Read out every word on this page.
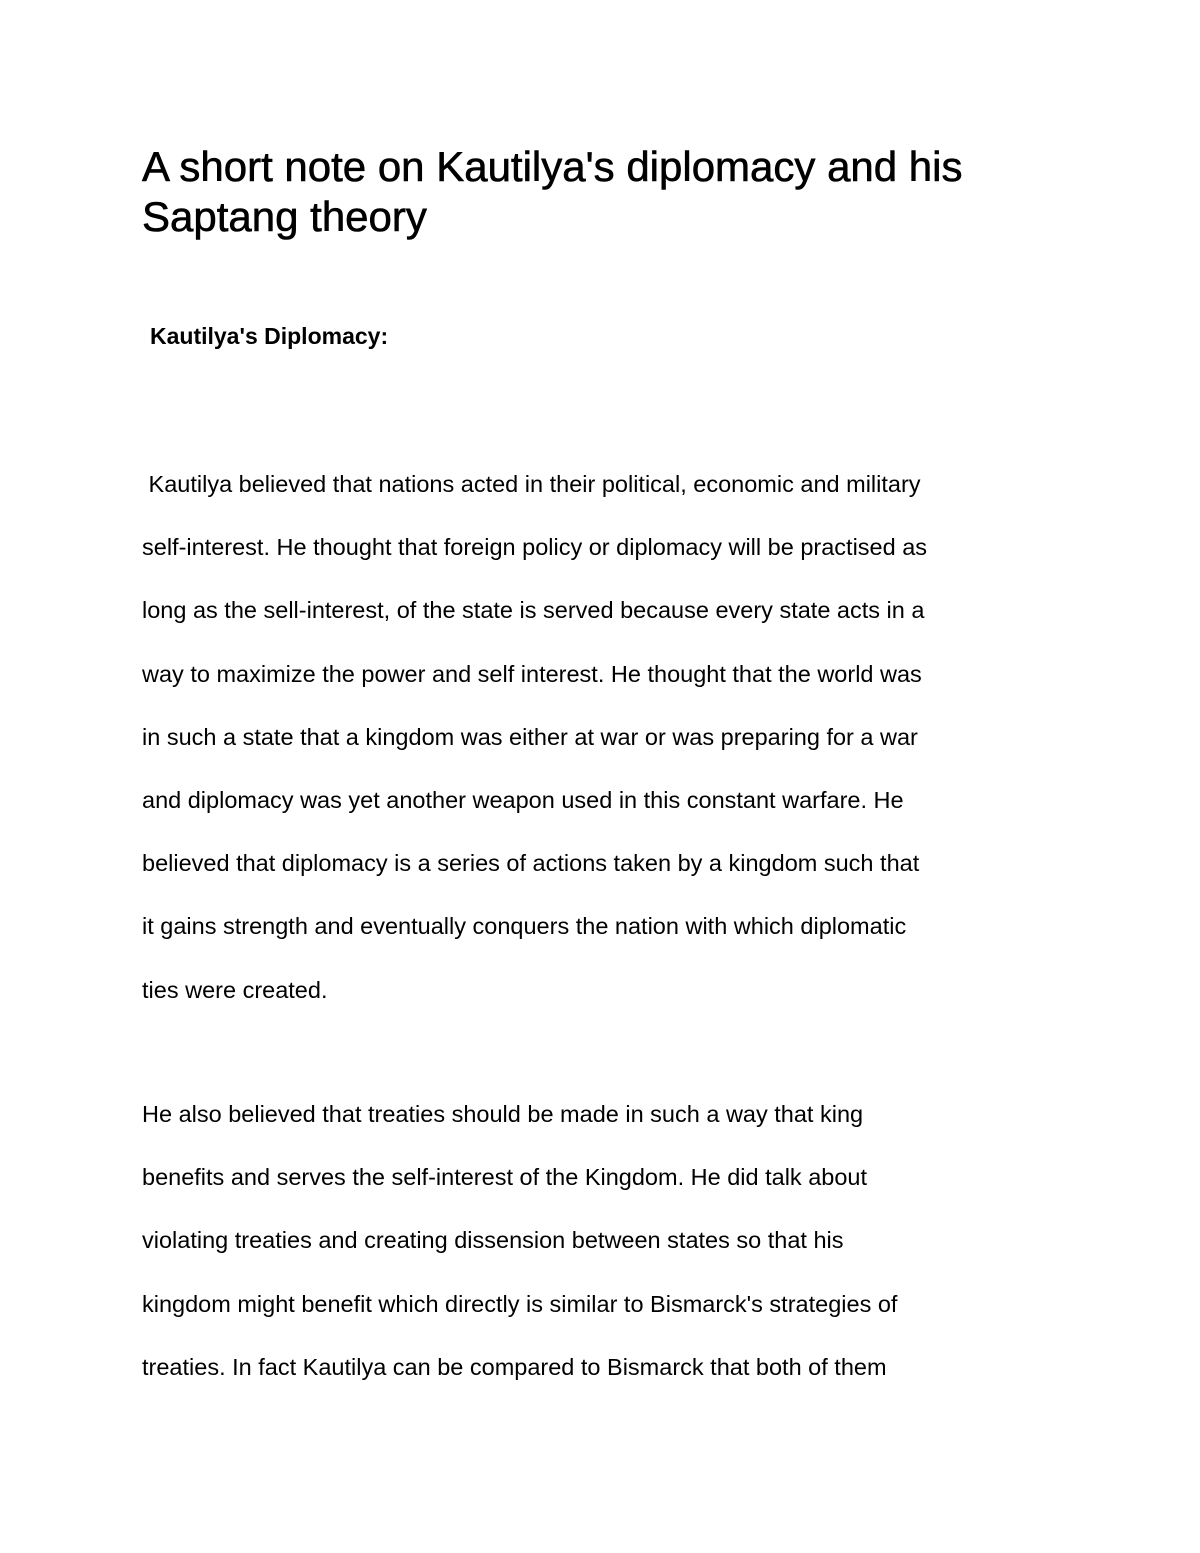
A short note on Kautilya's diplomacy and his Saptang theory
Kautilya's Diplomacy:

Kautilya believed that nations acted in their political, economic and military
self-interest. He thought that foreign policy or diplomacy will be practised as
long as the sell-interest, of the state is served because every state acts in a
way to maximize the power and self interest. He thought that the world was
in such a state that a kingdom was either at war or was preparing for a war
and diplomacy was yet another weapon used in this constant warfare. He
believed that diplomacy is a series of actions taken by a kingdom such that
it gains strength and eventually conquers the nation with which diplomatic
ties were created.

He also believed that treaties should be made in such a way that king
benefits and serves the self-interest of the Kingdom. He did talk about
violating treaties and creating dissension between states so that his
kingdom might benefit which directly is similar to Bismarck's strategies of
treaties. In fact Kautilya can be compared to Bismarck that both of them
